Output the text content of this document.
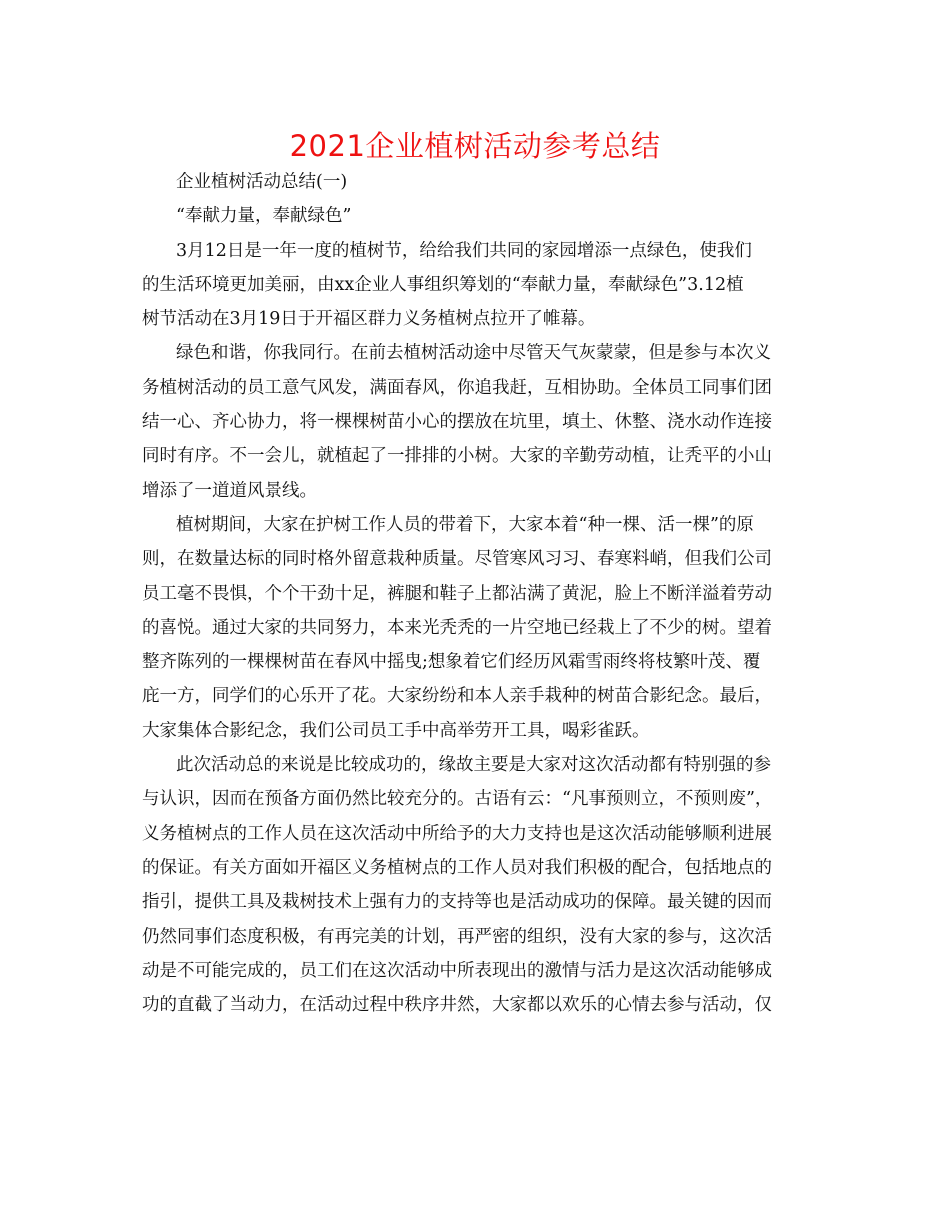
2021企业植树活动参考总结
企业植树活动总结(一)
“奉献力量，奉献绿色”
3月12日是一年一度的植树节，给给我们共同的家园增添一点绿色，使我们
的生活环境更加美丽，由xx企业人事组织筹划的“奉献力量，奉献绿色”3.12植
树节活动在3月19日于开福区群力义务植树点拉开了帷幕。
绿色和谐，你我同行。在前去植树活动途中尽管天气灰蒙蒙，但是参与本次义
务植树活动的员工意气风发，满面春风，你追我赶，互相协助。全体员工同事们团
结一心、齐心协力，将一棵棵树苗小心的摆放在坑里，填土、休整、浇水动作连接
同时有序。不一会儿，就植起了一排排的小树。大家的辛勤劳动植，让秃平的小山
增添了一道道风景线。
植树期间，大家在护树工作人员的带着下，大家本着“种一棵、活一棵”的原
则，在数量达标的同时格外留意栽种质量。尽管寒风习习、春寒料峭，但我们公司
员工毫不畏惧，个个干劲十足，裤腿和鞋子上都沾满了黄泥，脸上不断洋溢着劳动
的喜悦。通过大家的共同努力，本来光秃秃的一片空地已经栽上了不少的树。望着
整齐陈列的一棵棵树苗在春风中摇曳;想象着它们经历风霜雪雨终将枝繁叶茂、覆
庇一方，同学们的心乐开了花。大家纷纷和本人亲手栽种的树苗合影纪念。最后，
大家集体合影纪念，我们公司员工手中高举劳开工具，喝彩雀跃。
此次活动总的来说是比较成功的，缘故主要是大家对这次活动都有特别强的参
与认识，因而在预备方面仍然比较充分的。古语有云：“凡事预则立，不预则废”，
义务植树点的工作人员在这次活动中所给予的大力支持也是这次活动能够顺利进展
的保证。有关方面如开福区义务植树点的工作人员对我们积极的配合，包括地点的
指引，提供工具及栽树技术上强有力的支持等也是活动成功的保障。最关键的因而
仍然同事们态度积极，有再完美的计划，再严密的组织，没有大家的参与，这次活
动是不可能完成的，员工们在这次活动中所表现出的激情与活力是这次活动能够成
功的直截了当动力，在活动过程中秩序井然，大家都以欢乐的心情去参与活动，仅
